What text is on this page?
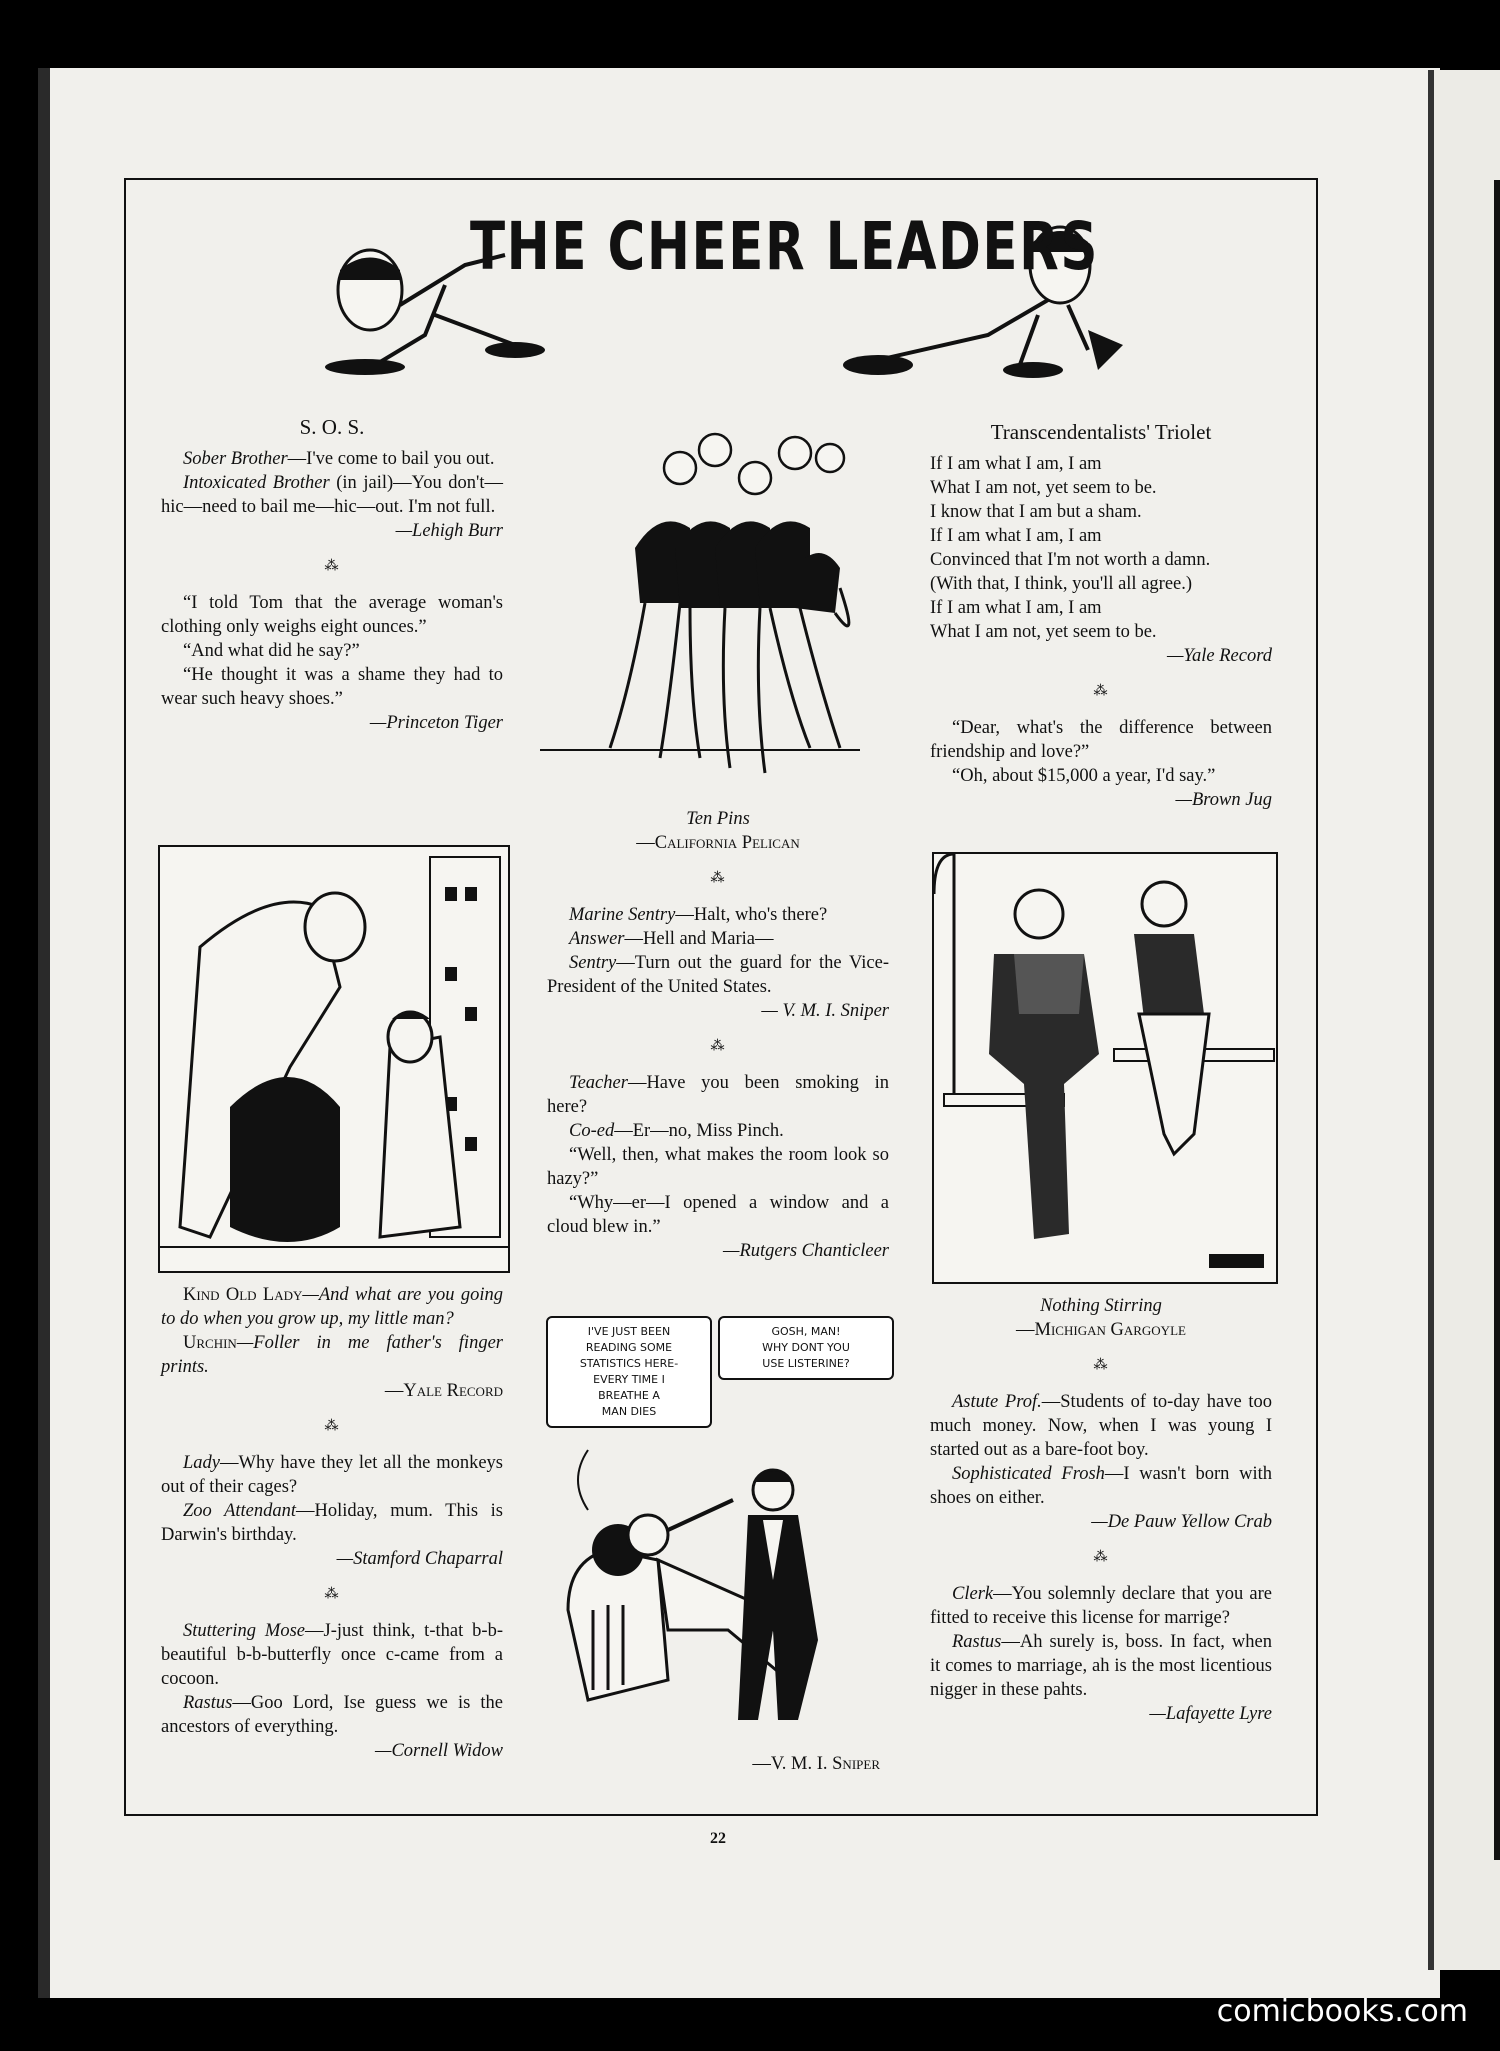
THE CHEER LEADERS

S. O. S.

Sober Brother—I've come to bail you out.

Intoxicated Brother (in jail)—You don't—hic—need to bail me—hic—out. I'm not full.

—Lehigh Burr

⁂

“I told Tom that the average woman's clothing only weighs eight ounces.”

“And what did he say?”

“He thought it was a shame they had to wear such heavy shoes.”

—Princeton Tiger

Kind Old Lady—And what are you going to do when you grow up, my little man?

Urchin—Foller in me father's finger prints.

—Yale Record

⁂

Lady—Why have they let all the monkeys out of their cages?

Zoo Attendant—Holiday, mum. This is Darwin's birthday.

—Stamford Chaparral

⁂

Stuttering Mose—J-just think, t-that b-b-beautiful b-b-butterfly once c-came from a cocoon.

Rastus—Goo Lord, Ise guess we is the ancestors of everything.

—Cornell Widow

Ten Pins

—California Pelican

⁂

Marine Sentry—Halt, who's there?

Answer—Hell and Maria—

Sentry—Turn out the guard for the Vice-President of the United States.

— V. M. I. Sniper

⁂

Teacher—Have you been smoking in here?

Co-ed—Er—no, Miss Pinch.

“Well, then, what makes the room look so hazy?”

“Why—er—I opened a window and a cloud blew in.”

—Rutgers Chanticleer

I'VE JUST BEEN
READING SOME
STATISTICS HERE-
EVERY TIME I
BREATHE A
MAN DIES
GOSH, MAN!
WHY DONT YOU
USE LISTERINE?

—V. M. I. Sniper

Transcendentalists' Triolet

If I am what I am, I am

What I am not, yet seem to be.

I know that I am but a sham.

If I am what I am, I am

Convinced that I'm not worth a damn.

(With that, I think, you'll all agree.)

If I am what I am, I am

What I am not, yet seem to be.

—Yale Record

⁂

“Dear, what's the difference between friendship and love?”

“Oh, about $15,000 a year, I'd say.”

—Brown Jug

Nothing Stirring

—Michigan Gargoyle

⁂

Astute Prof.—Students of to-day have too much money. Now, when I was young I started out as a bare-foot boy.

Sophisticated Frosh—I wasn't born with shoes on either.

—De Pauw Yellow Crab

⁂

Clerk—You solemnly declare that you are fitted to receive this license for marrige?

Rastus—Ah surely is, boss. In fact, when it comes to marriage, ah is the most licentious nigger in these pahts.

—Lafayette Lyre

22
comicbooks.com
